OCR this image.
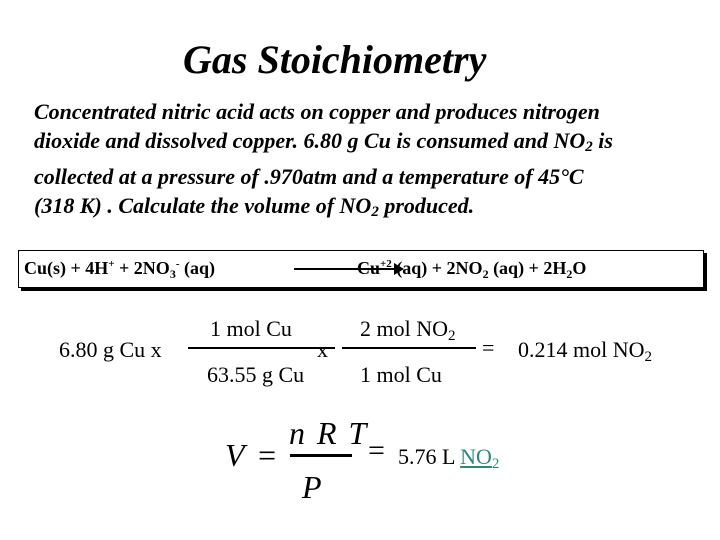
Gas Stoichiometry

Concentrated nitric acid acts on copper and produces nitrogen

dioxide and dissolved copper. 6.80 g Cu is consumed and $NO_2$ is

collected at a pressure of .970atm and a temperature of 45°C

(318 K) . Calculate the volume of $NO_2$ produced.

$Cu(s) + 4H^+ + 2NO_3^-$ (aq)	$Cu^{+2}$ $(aq) + 2NO_2$ $(aq) + 2H_2O$
6.80 g Cu x
1 mol Cu
63.55 g Cu
x
2 mol $NO_2$
1 mol Cu
= 0.214 mol $NO_2$
V =
n R T
P
= 5.76 L $NO_2$
